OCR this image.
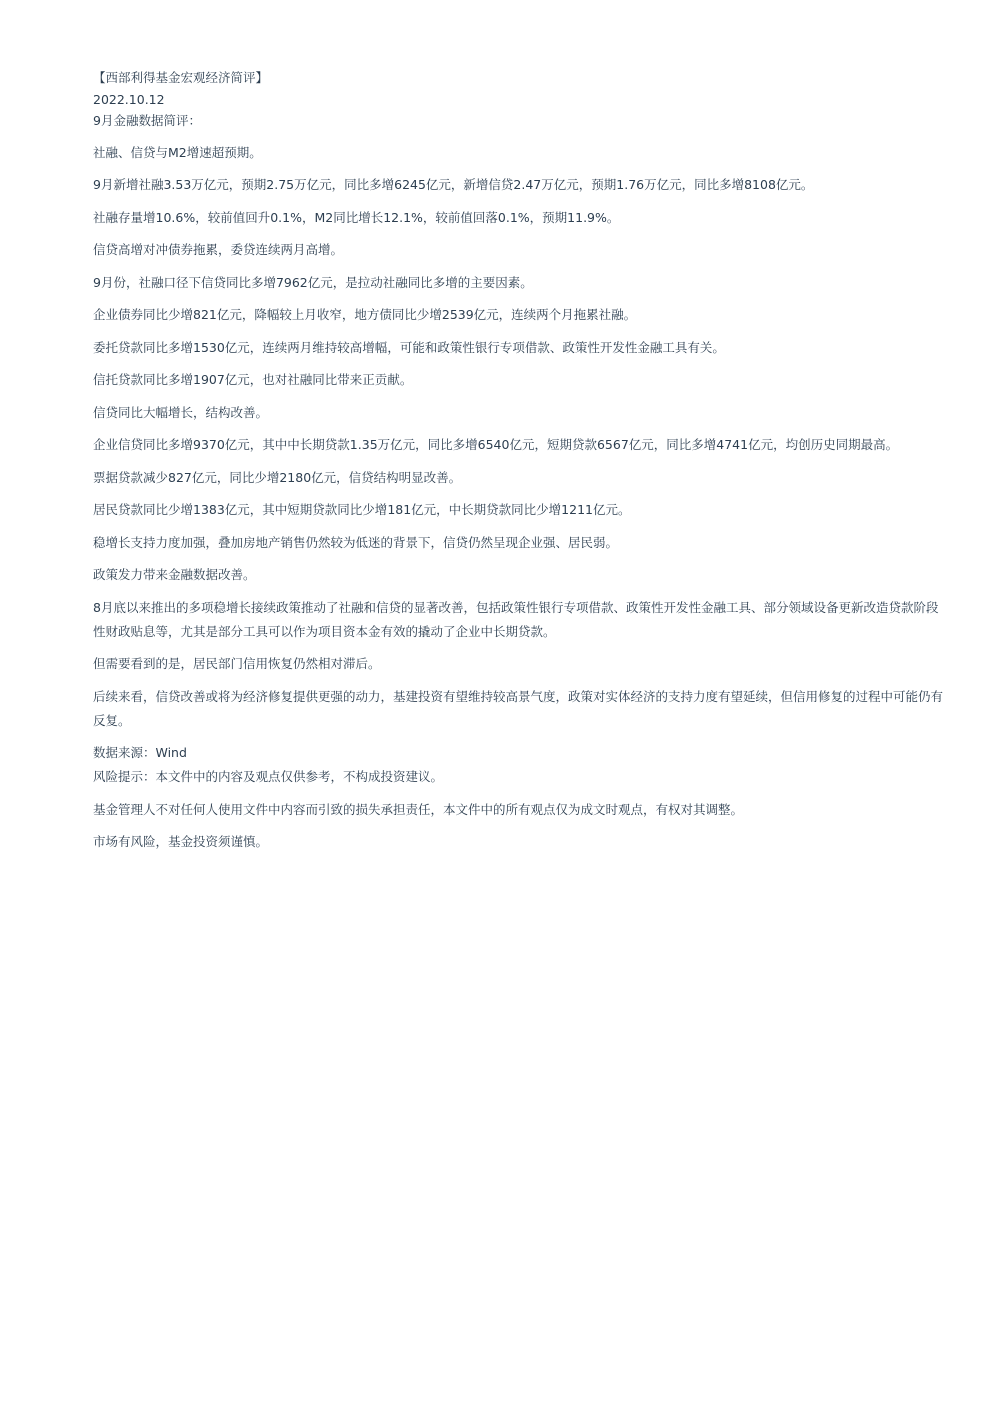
【西部利得基金宏观经济简评】

2022.10.12

9月金融数据简评：

社融、信贷与M2增速超预期。

9月新增社融3.53万亿元，预期2.75万亿元，同比多增6245亿元，新增信贷2.47万亿元，预期1.76万亿元，同比多增8108亿元。

社融存量增10.6%，较前值回升0.1%，M2同比增长12.1%，较前值回落0.1%，预期11.9%。

信贷高增对冲债券拖累，委贷连续两月高增。

9月份，社融口径下信贷同比多增7962亿元，是拉动社融同比多增的主要因素。

企业债券同比少增821亿元，降幅较上月收窄，地方债同比少增2539亿元，连续两个月拖累社融。

委托贷款同比多增1530亿元，连续两月维持较高增幅，可能和政策性银行专项借款、政策性开发性金融工具有关。

信托贷款同比多增1907亿元，也对社融同比带来正贡献。

信贷同比大幅增长，结构改善。

企业信贷同比多增9370亿元，其中中长期贷款1.35万亿元，同比多增6540亿元，短期贷款6567亿元，同比多增4741亿元，均创历史同期最高。

票据贷款减少827亿元，同比少增2180亿元，信贷结构明显改善。

居民贷款同比少增1383亿元，其中短期贷款同比少增181亿元，中长期贷款同比少增1211亿元。

稳增长支持力度加强，叠加房地产销售仍然较为低迷的背景下，信贷仍然呈现企业强、居民弱。

政策发力带来金融数据改善。

8月底以来推出的多项稳增长接续政策推动了社融和信贷的显著改善，包括政策性银行专项借款、政策性开发性金融工具、部分领域设备更新改造贷款阶段性财政贴息等，尤其是部分工具可以作为项目资本金有效的撬动了企业中长期贷款。

但需要看到的是，居民部门信用恢复仍然相对滞后。

后续来看，信贷改善或将为经济修复提供更强的动力，基建投资有望维持较高景气度，政策对实体经济的支持力度有望延续，但信用修复的过程中可能仍有反复。

数据来源：Wind

风险提示：本文件中的内容及观点仅供参考，不构成投资建议。

基金管理人不对任何人使用文件中内容而引致的损失承担责任，本文件中的所有观点仅为成文时观点，有权对其调整。

市场有风险，基金投资须谨慎。
